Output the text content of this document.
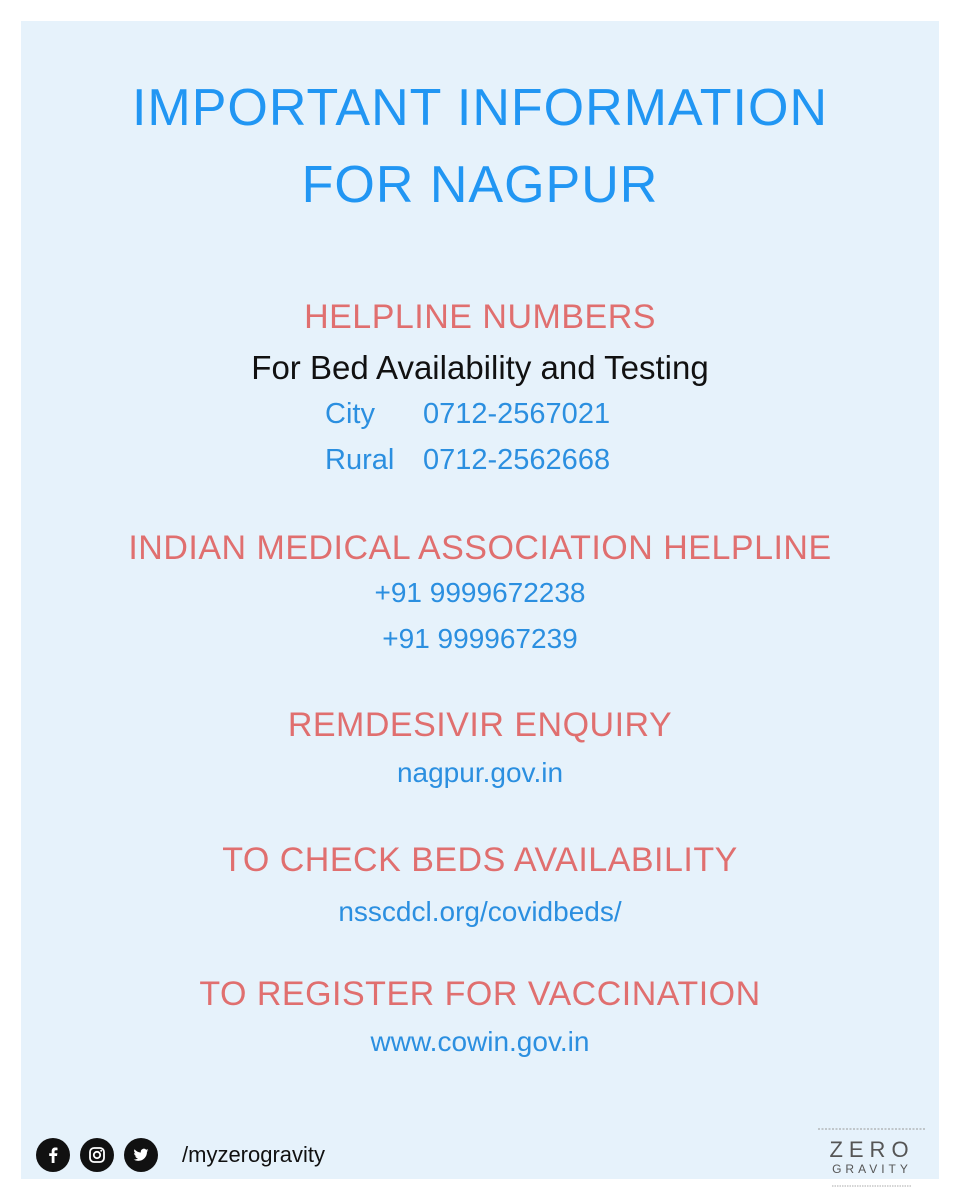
IMPORTANT INFORMATION
FOR NAGPUR
HELPLINE NUMBERS
For Bed Availability and Testing
City 0712-2567021
Rural 0712-2562668
INDIAN MEDICAL ASSOCIATION HELPLINE
+91 9999672238
+91 999967239
REMDESIVIR ENQUIRY
nagpur.gov.in
TO CHECK BEDS AVAILABILITY
nsscdcl.org/covidbeds/
TO REGISTER FOR VACCINATION
www.cowin.gov.in
/myzerogravity	ZERO
GRAVITY
